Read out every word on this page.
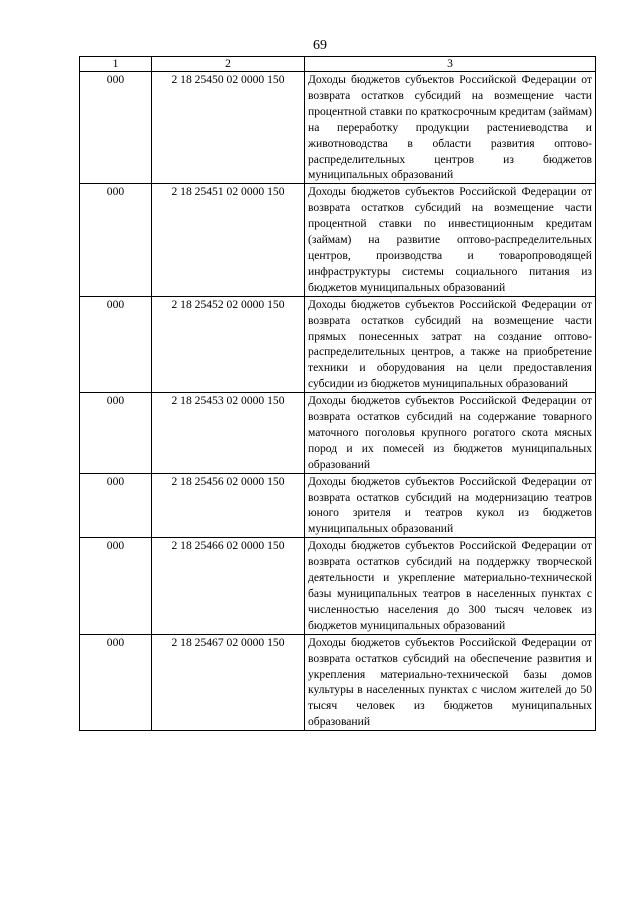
69
1	2	3
000	2 18 25450 02 0000 150	Доходы бюджетов субъектов Российской Федерации от возврата остатков субсидий на возмещение части процентной ставки по краткосрочным кредитам (займам) на переработку продукции растениеводства и животноводства в области развития оптово-распределительных центров из бюджетов муниципальных образований
000	2 18 25451 02 0000 150	Доходы бюджетов субъектов Российской Федерации от возврата остатков субсидий на возмещение части процентной ставки по инвестиционным кредитам (займам) на развитие оптово-распределительных центров, производства и товаропроводящей инфраструктуры системы социального питания из бюджетов муниципальных образований
000	2 18 25452 02 0000 150	Доходы бюджетов субъектов Российской Федерации от возврата остатков субсидий на возмещение части прямых понесенных затрат на создание оптово-распределительных центров, а также на приобретение техники и оборудования на цели предоставления субсидии из бюджетов муниципальных образований
000	2 18 25453 02 0000 150	Доходы бюджетов субъектов Российской Федерации от возврата остатков субсидий на содержание товарного маточного поголовья крупного рогатого скота мясных пород и их помесей из бюджетов муниципальных образований
000	2 18 25456 02 0000 150	Доходы бюджетов субъектов Российской Федерации от возврата остатков субсидий на модернизацию театров юного зрителя и театров кукол из бюджетов муниципальных образований
000	2 18 25466 02 0000 150	Доходы бюджетов субъектов Российской Федерации от возврата остатков субсидий на поддержку творческой деятельности и укрепление материально-технической базы муниципальных театров в населенных пунктах с численностью населения до 300 тысяч человек из бюджетов муниципальных образований
000	2 18 25467 02 0000 150	Доходы бюджетов субъектов Российской Федерации от возврата остатков субсидий на обеспечение развития и укрепления материально-технической базы домов культуры в населенных пунктах с числом жителей до 50 тысяч человек из бюджетов муниципальных образований
